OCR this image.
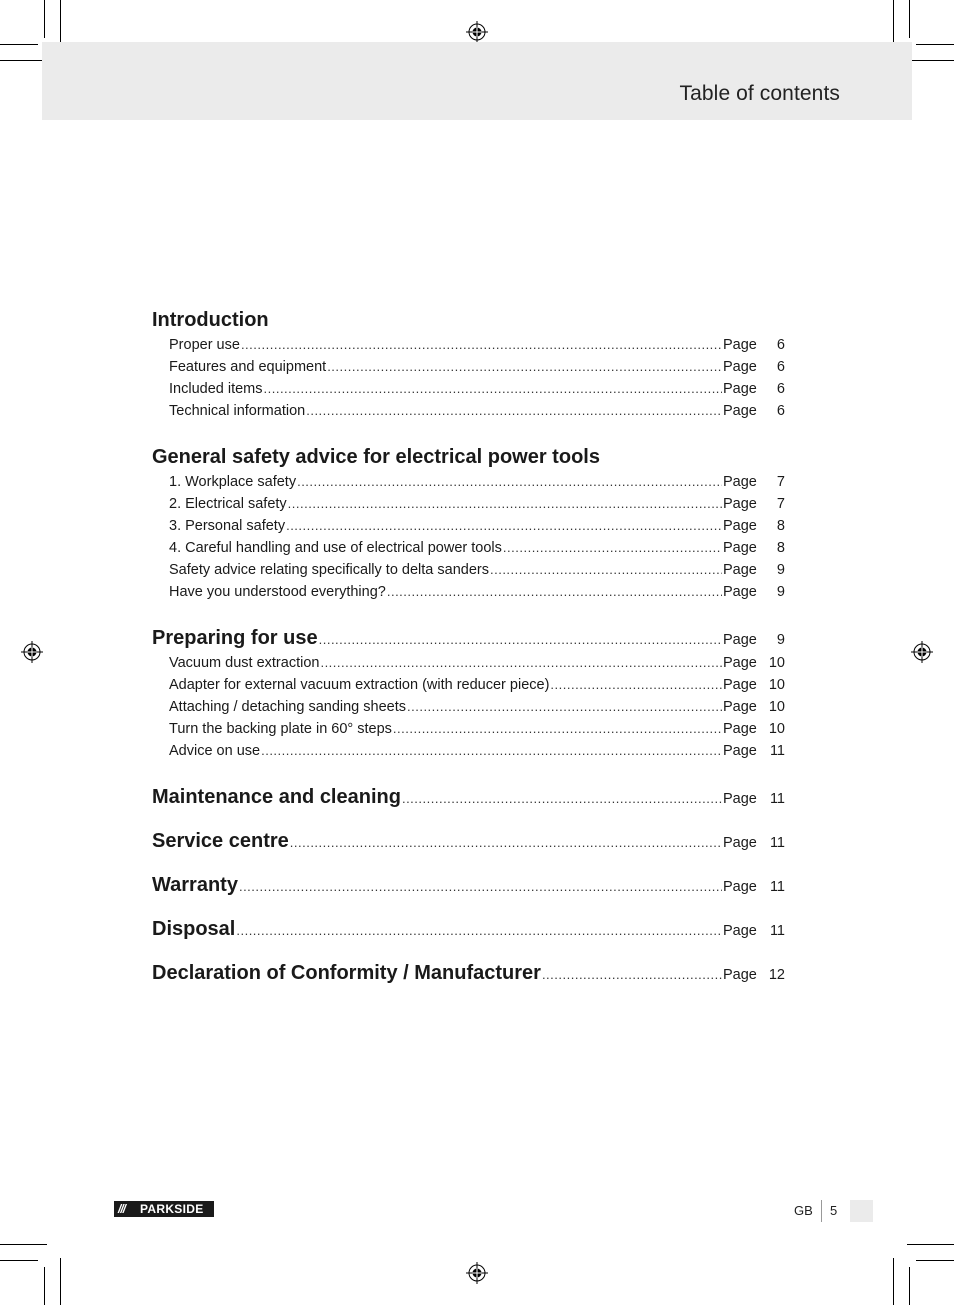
Table of contents
Introduction
Proper use .....	Page	6
Features and equipment .....	Page	6
Included items .....	Page	6
Technical information .....	Page	6
General safety advice for electrical power tools
1. Workplace safety .....	Page	7
2. Electrical safety .....	Page	7
3. Personal safety .....	Page	8
4. Careful handling and use of electrical power tools .....	Page	8
Safety advice relating specifically to delta sanders .....	Page	9
Have you understood everything? .....	Page	9
Preparing for use .....	Page	9
Vacuum dust extraction .....	Page 10
Adapter for external vacuum extraction (with reducer piece) .....	Page 10
Attaching / detaching sanding sheets .....	Page 10
Turn the backing plate in 60° steps .....	Page 10
Advice on use .....	Page 11
Maintenance and cleaning .....	Page 11
Service centre .....	Page 11
Warranty .....	Page 11
Disposal .....	Page 11
Declaration of Conformity / Manufacturer .....	Page 12
///	PARKSIDE	GB 5
